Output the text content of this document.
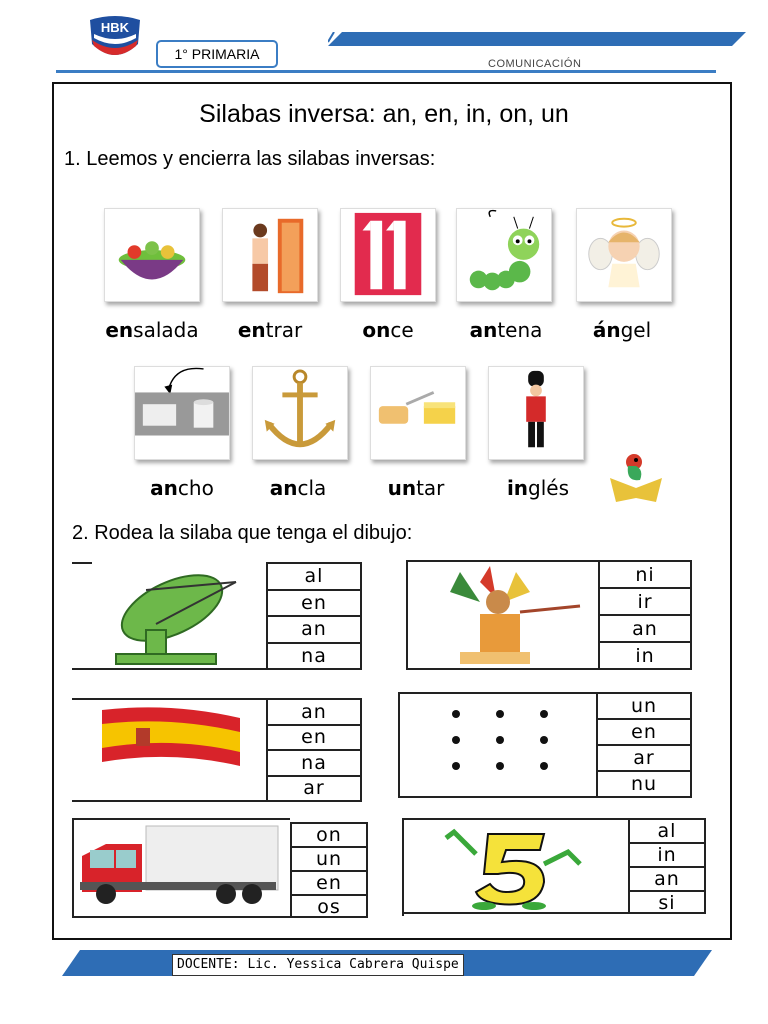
HBK
1° PRIMARIA
COMUNICACIÓN
Silabas inversa: an, en, in, on, un
1. Leemos y encierra las silabas inversas:
ensalada	entrar	once	antena	ángel
ancho	ancla	untar	inglés
2. Rodea la silaba que tenga el dibujo:
al
en
an
na
ni
ir
an
in
an
en
na
ar
un
en
ar
nu
on
un
en
os
al
in
an
si
DOCENTE: Lic. Yessica Cabrera Quispe
